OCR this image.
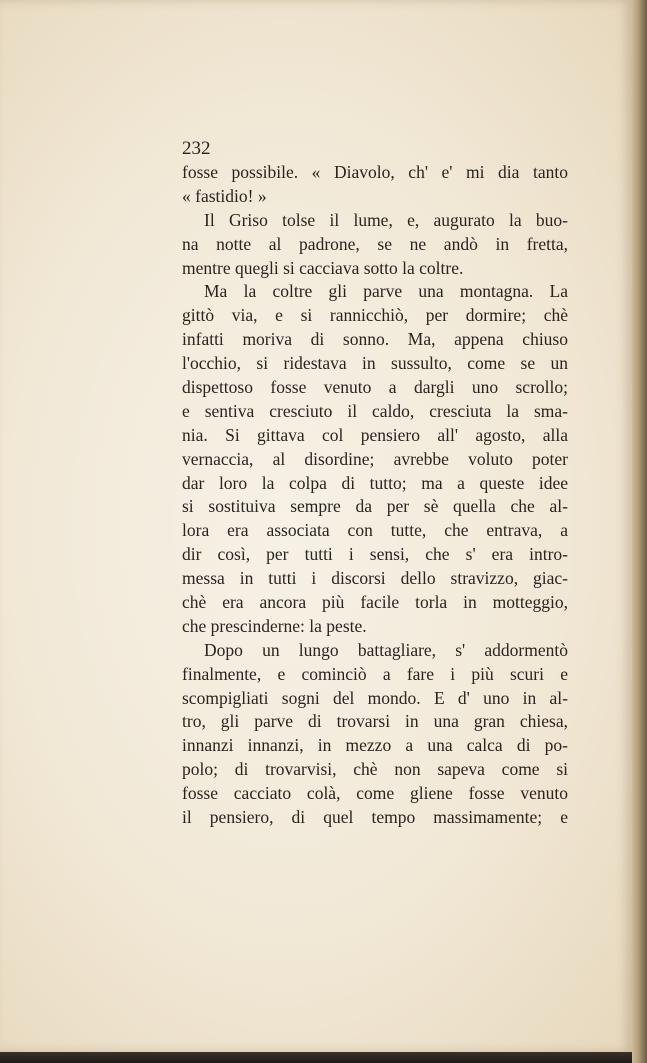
232
fosse possibile. « Diavolo, ch' e' mi dia tanto
« fastidio! »
Il Griso tolse il lume, e, augurato la buo-
na notte al padrone, se ne andò in fretta,
mentre quegli si cacciava sotto la coltre.
Ma la coltre gli parve una montagna. La
gittò via, e si rannicchiò, per dormire; chè
infatti moriva di sonno. Ma, appena chiuso
l'occhio, si ridestava in sussulto, come se un
dispettoso fosse venuto a dargli uno scrollo;
e sentiva cresciuto il caldo, cresciuta la sma-
nia. Si gittava col pensiero all' agosto, alla
vernaccia, al disordine; avrebbe voluto poter
dar loro la colpa di tutto; ma a queste idee
si sostituiva sempre da per sè quella che al-
lora era associata con tutte, che entrava, a
dir così, per tutti i sensi, che s' era intro-
messa in tutti i discorsi dello stravizzo, giac-
chè era ancora più facile torla in motteggio,
che prescinderne: la peste.
Dopo un lungo battagliare, s' addormentò
finalmente, e cominciò a fare i più scuri e
scompigliati sogni del mondo. E d' uno in al-
tro, gli parve di trovarsi in una gran chiesa,
innanzi innanzi, in mezzo a una calca di po-
polo; di trovarvisi, chè non sapeva come si
fosse cacciato colà, come gliene fosse venuto
il pensiero, di quel tempo massimamente; e
